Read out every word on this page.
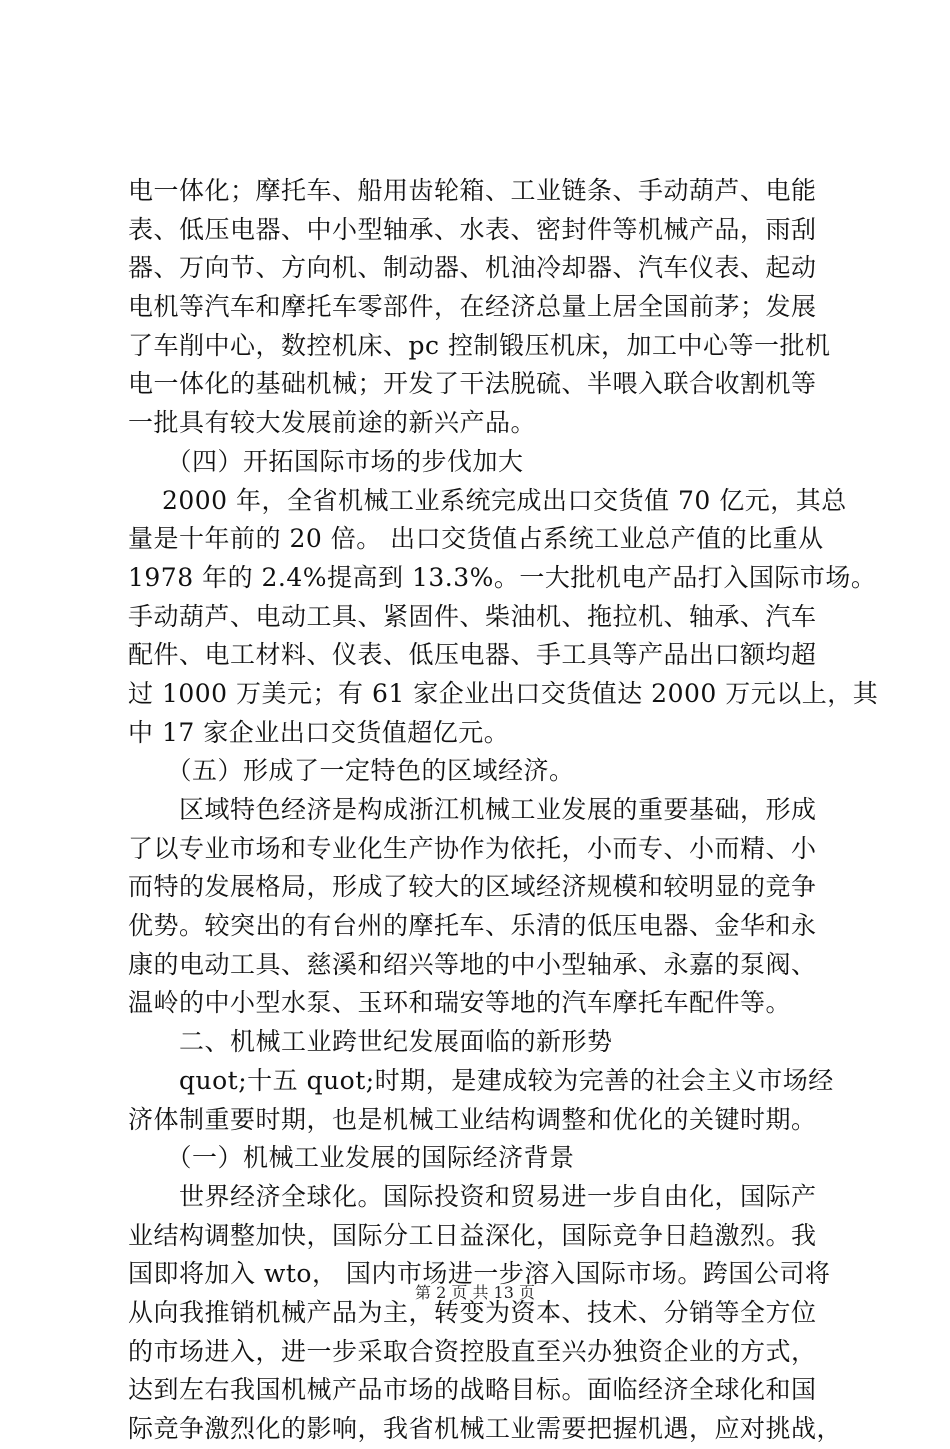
电一体化；摩托车、船用齿轮箱、工业链条、手动葫芦、电能
表、低压电器、中小型轴承、水表、密封件等机械产品，雨刮
器、万向节、方向机、制动器、机油冷却器、汽车仪表、起动
电机等汽车和摩托车零部件，在经济总量上居全国前茅；发展
了车削中心，数控机床、pc 控制锻压机床，加工中心等一批机
电一体化的基础机械；开发了干法脱硫、半喂入联合收割机等
一批具有较大发展前途的新兴产品。
　　（四）开拓国际市场的步伐加大
　 2000 年，全省机械工业系统完成出口交货值 70 亿元，其总
量是十年前的 20 倍。 出口交货值占系统工业总产值的比重从
1978 年的 2.4%提高到 13.3%。一大批机电产品打入国际市场。
手动葫芦、电动工具、紧固件、柴油机、拖拉机、轴承、汽车
配件、电工材料、仪表、低压电器、手工具等产品出口额均超
过 1000 万美元；有 61 家企业出口交货值达 2000 万元以上，其
中 17 家企业出口交货值超亿元。
　　（五）形成了一定特色的区域经济。
　　区域特色经济是构成浙江机械工业发展的重要基础，形成
了以专业市场和专业化生产协作为依托，小而专、小而精、小
而特的发展格局，形成了较大的区域经济规模和较明显的竞争
优势。较突出的有台州的摩托车、乐清的低压电器、金华和永
康的电动工具、慈溪和绍兴等地的中小型轴承、永嘉的泵阀、
温岭的中小型水泵、玉环和瑞安等地的汽车摩托车配件等。
　　二、机械工业跨世纪发展面临的新形势
　　quot;十五 quot;时期，是建成较为完善的社会主义市场经
济体制重要时期，也是机械工业结构调整和优化的关键时期。
　　（一）机械工业发展的国际经济背景
　　世界经济全球化。国际投资和贸易进一步自由化，国际产
业结构调整加快，国际分工日益深化，国际竞争日趋激烈。我
国即将加入 wto， 国内市场进一步溶入国际市场。跨国公司将
从向我推销机械产品为主，转变为资本、技术、分销等全方位
的市场进入，进一步采取合资控股直至兴办独资企业的方式，
达到左右我国机械产品市场的战略目标。面临经济全球化和国
际竞争激烈化的影响，我省机械工业需要把握机遇，应对挑战，
第 2 页 共 13 页
